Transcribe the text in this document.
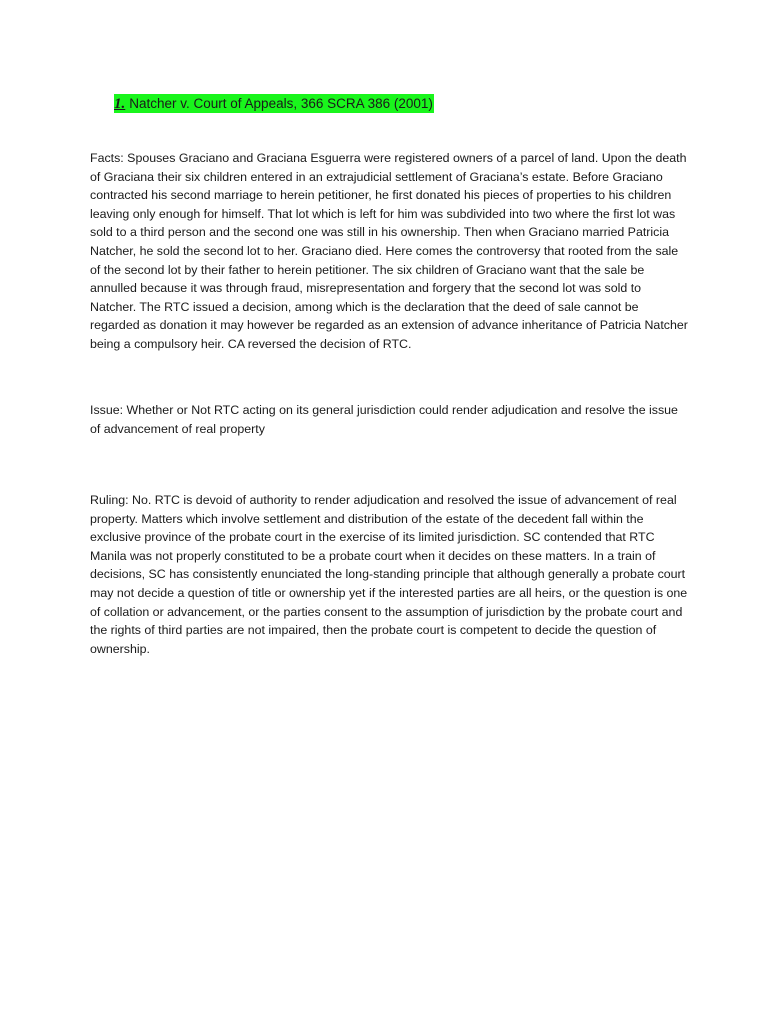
1. Natcher v. Court of Appeals, 366 SCRA 386 (2001)

Facts: Spouses Graciano and Graciana Esguerra were registered owners of a parcel of land. Upon the death of Graciana their six children entered in an extrajudicial settlement of Graciana’s estate. Before Graciano contracted his second marriage to herein petitioner, he first donated his pieces of properties to his children leaving only enough for himself. That lot which is left for him was subdivided into two where the first lot was sold to a third person and the second one was still in his ownership. Then when Graciano married Patricia Natcher, he sold the second lot to her. Graciano died. Here comes the controversy that rooted from the sale of the second lot by their father to herein petitioner. The six children of Graciano want that the sale be annulled because it was through fraud, misrepresentation and forgery that the second lot was sold to Natcher. The RTC issued a decision, among which is the declaration that the deed of sale cannot be regarded as donation it may however be regarded as an extension of advance inheritance of Patricia Natcher being a compulsory heir. CA reversed the decision of RTC.

Issue: Whether or Not RTC acting on its general jurisdiction could render adjudication and resolve the issue of advancement of real property

Ruling: No. RTC is devoid of authority to render adjudication and resolved the issue of advancement of real property. Matters which involve settlement and distribution of the estate of the decedent fall within the exclusive province of the probate court in the exercise of its limited jurisdiction. SC contended that RTC Manila was not properly constituted to be a probate court when it decides on these matters. In a train of decisions, SC has consistently enunciated the long-standing principle that although generally a probate court may not decide a question of title or ownership yet if the interested parties are all heirs, or the question is one of collation or advancement, or the parties consent to the assumption of jurisdiction by the probate court and the rights of third parties are not impaired, then the probate court is competent to decide the question of ownership.
